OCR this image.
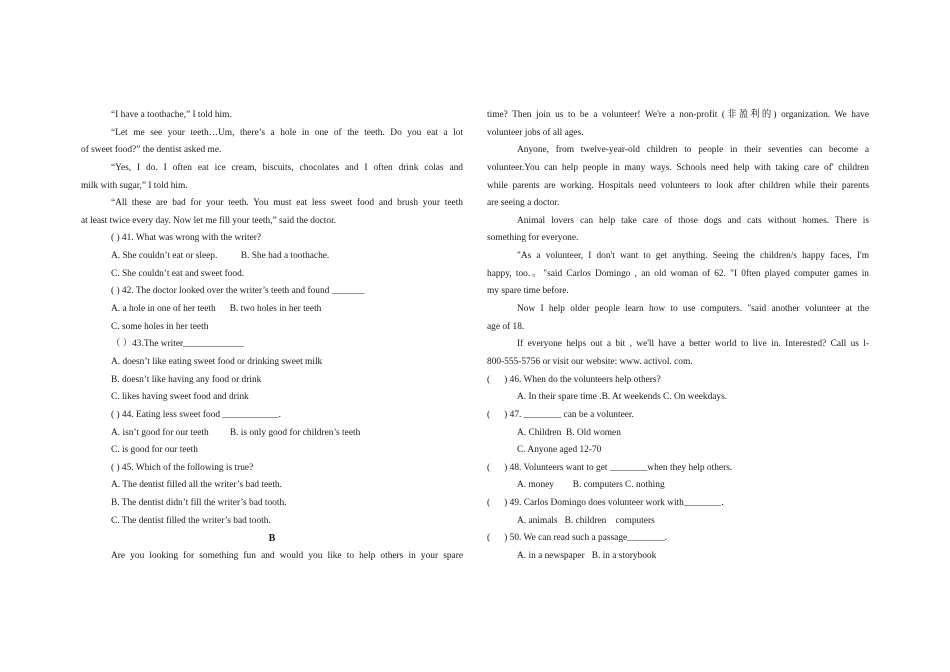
“I have a toothache,” I told him.
“Let me see your teeth…Um, there’s a hole in one of the teeth. Do you eat a lot
of sweet food?” the dentist asked me.
“Yes, I do. I often eat ice cream, biscuits, chocolates and I often drink colas and
milk with sugar,” I told him.
“All these are bad for your teeth. You must eat less sweet food and brush your teeth
at least twice every day. Now let me fill your teeth,” said the doctor.
( ) 41. What was wrong with the writer?
A. She couldn’t eat or sleep.          B. She had a toothache.
C. She couldn’t eat and sweet food.
( ) 42. The doctor looked over the writer’s teeth and found _______
A. a hole in one of her teeth      B. two holes in her teeth
C. some holes in her teeth
（ ）43.The writer_____________
A. doesn’t like eating sweet food or drinking sweet milk
B. doesn’t like having any food or drink
C. likes having sweet food and drink
( ) 44. Eating less sweet food ____________.
A. isn’t good for our teeth         B. is only good for children’s teeth
C. is good for our teeth
( ) 45. Which of the following is true?
A. The dentist filled all the writer’s bad teeth.
B. The dentist didn’t fill the writer’s bad tooth.
C. The dentist filled the writer’s bad tooth.
B
Are you looking for something fun and would you like to help others in your spare
time? Then join us to be a volunteer! We're a non-profit (非盈利的) organization. We have
volunteer jobs of all ages.
Anyone, from twelve-year-old children to people in their seventies can become a
volunteer.You can help people in many ways. Schools need help with taking care of' children
while parents are working. Hospitals need volunteers to look after children while their parents
are seeing a doctor.
Animal lovers can help take care of those dogs and cats without homes. There is
something for everyone.
"As a volunteer, I don't want to get anything. Seeing the children/s happy faces, I'm
happy, too.。"said Carlos Domingo , an old woman of 62. "I 0ften played computer games in
my spare time before.
Now I help older people learn how to use computers. "said another volunteer at the
age of 18.
If everyone helps out a bit , we'll have a better world to live in. Interested? Call us l-
800-555-5756 or visit our website: www. activol. com.
(      ) 46. When do the volunteers help others?
A. In their spare time .B. At weekends C. On weekdays.
(      ) 47. ________ can be a volunteer.
A. Children  B. Old women
C. Anyone aged 12-70
(      ) 48. Volunteers want to get ________when they help others.
A. money        B. computers C. nothing
(      ) 49. Carlos Domingo does volunteer work with________.
A. animals   B. children    computers
(      ) 50. We can read such a passage________.
A. in a newspaper   B. in a storybook
